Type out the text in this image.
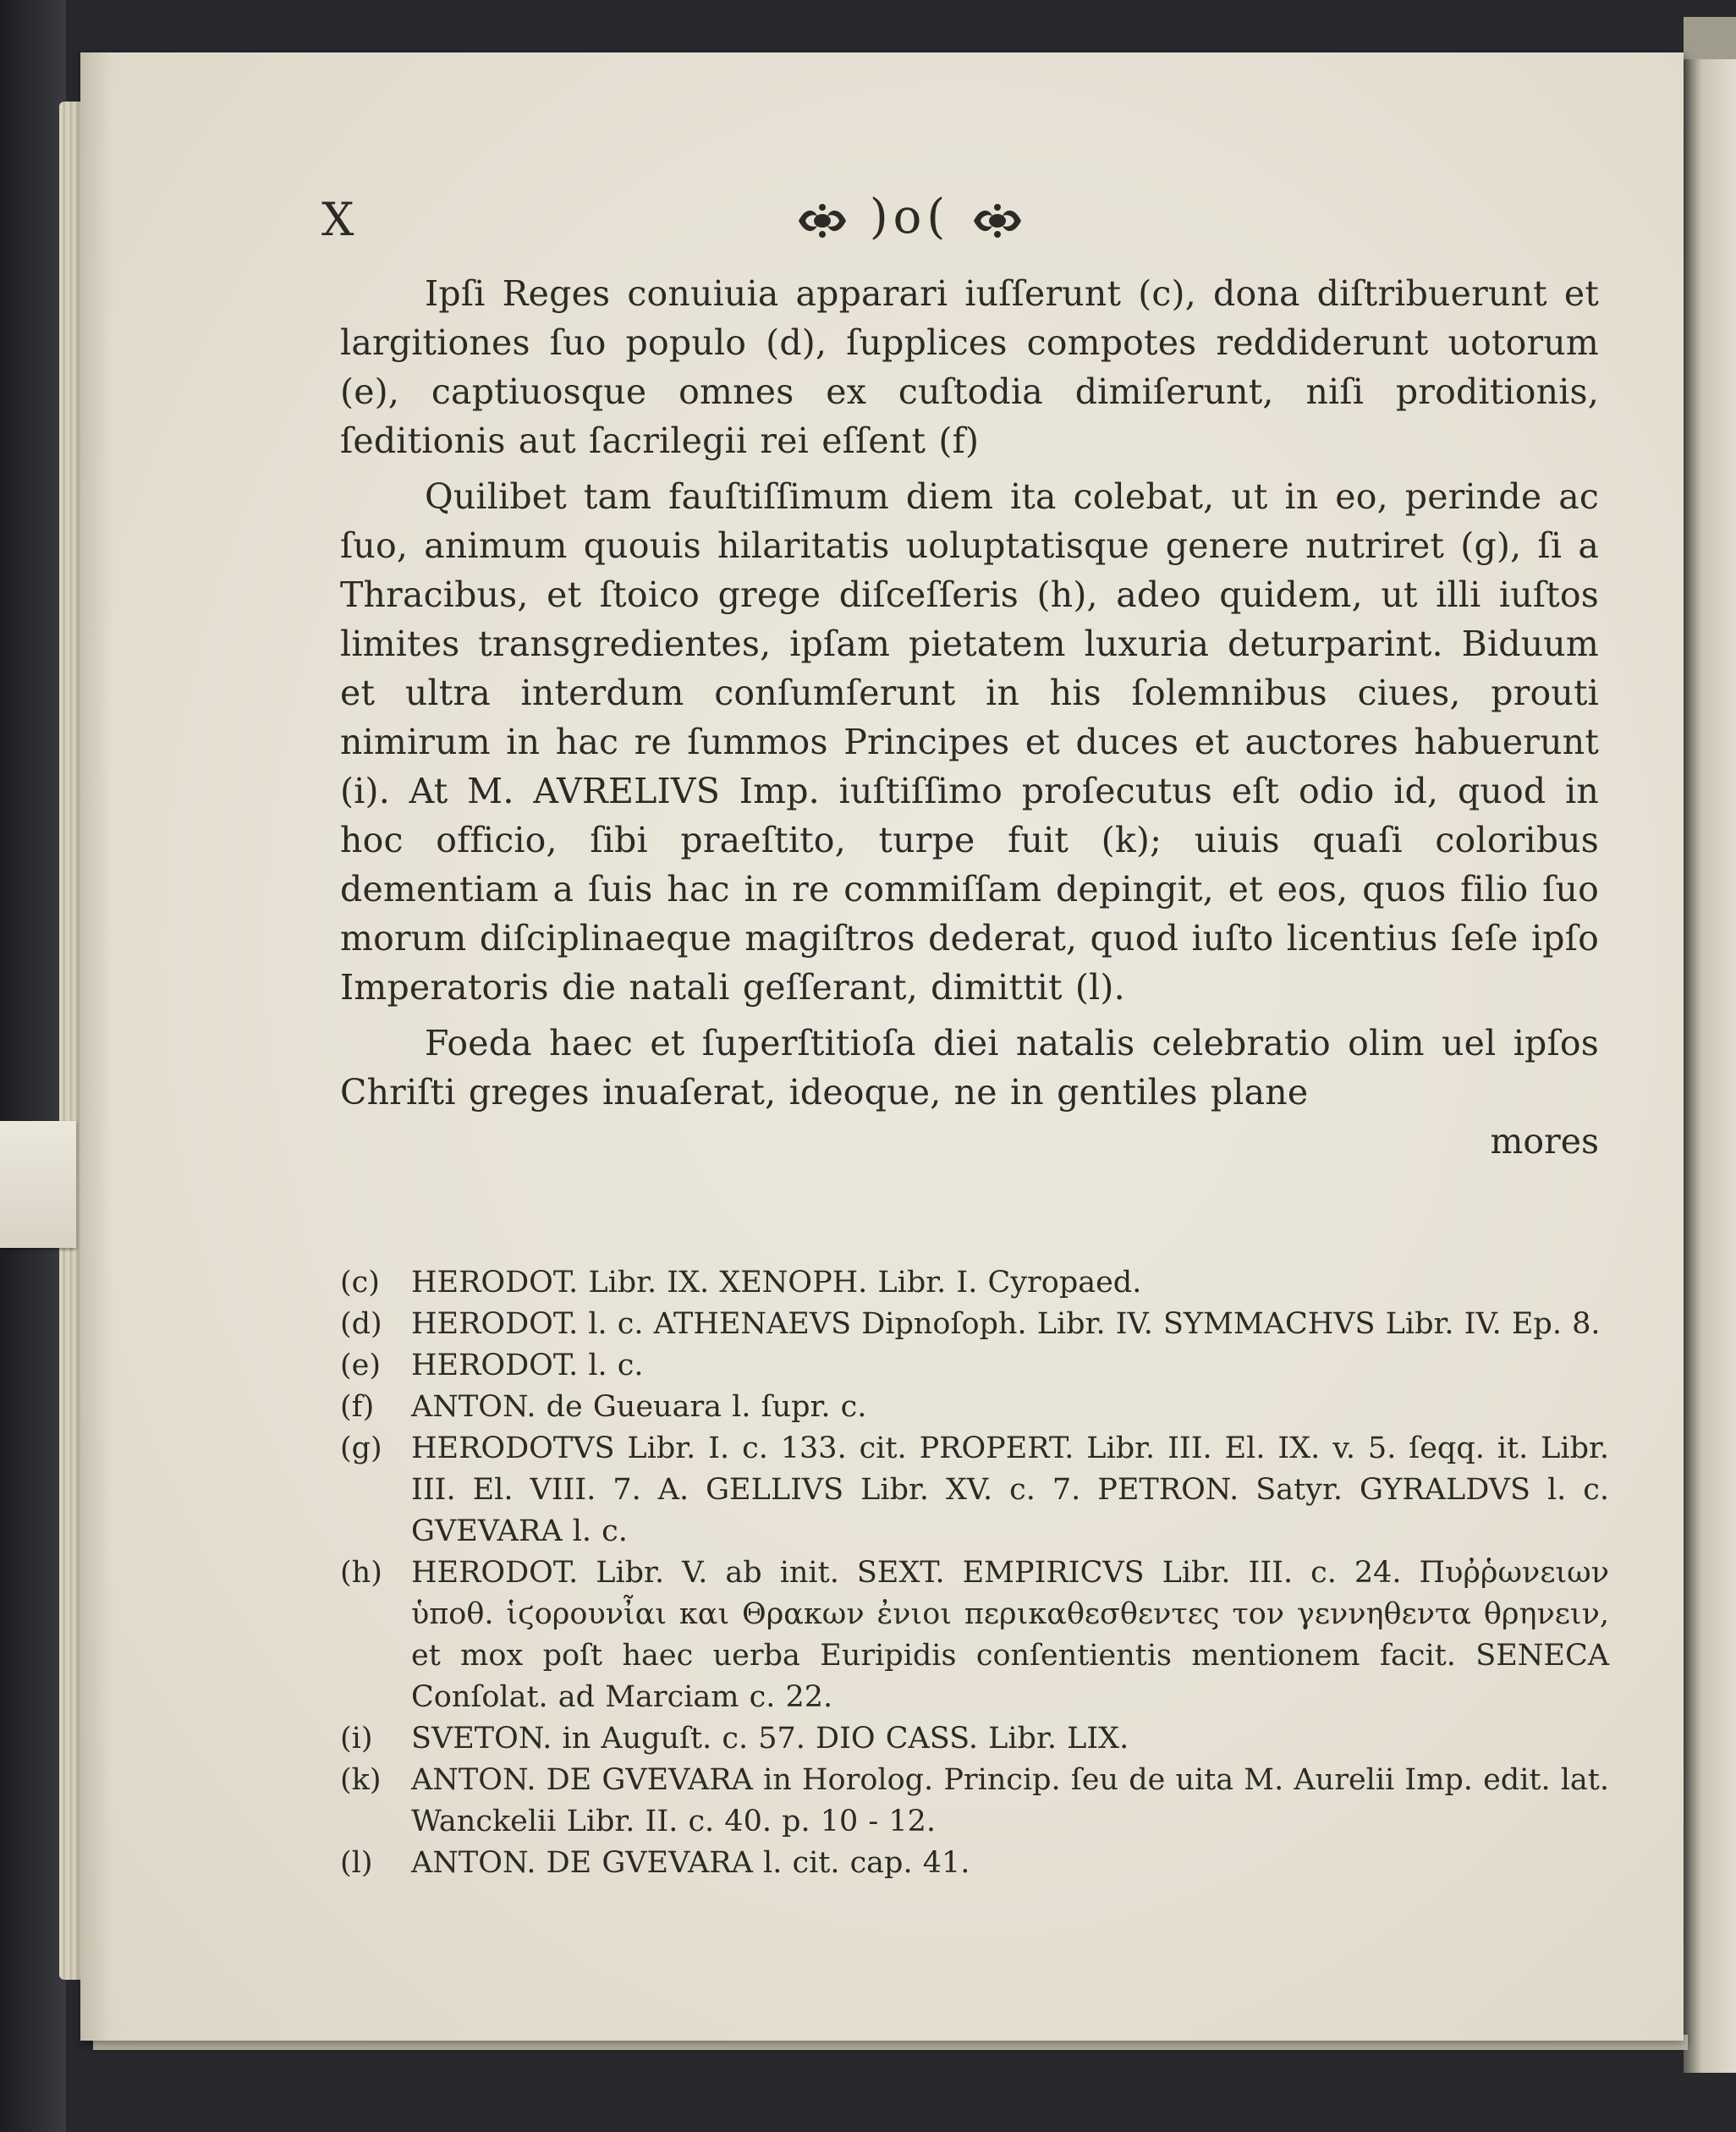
X	)o(

Ipſi Reges conuiuia apparari iuſſerunt (c), dona diſtribuerunt et largitiones ſuo populo (d), ſupplices compotes reddiderunt uotorum (e), captiuosque omnes ex cuſtodia dimiſerunt, niſi proditionis, ſeditionis aut ſacrilegii rei eſſent (f)

Quilibet tam fauſtiſſimum diem ita colebat, ut in eo, perinde ac ſuo, animum quouis hilaritatis uoluptatisque genere nutriret (g), ſi a Thracibus, et ſtoico grege diſceſſeris (h), adeo quidem, ut illi iuſtos limites transgredientes, ipſam pietatem luxuria deturparint. Biduum et ultra interdum conſumſerunt in his ſolemnibus ciues, prouti nimirum in hac re ſummos Principes et duces et auctores habuerunt (i). At M. AVRELIVS Imp. iuſtiſſimo proſecutus eſt odio id, quod in hoc officio, ſibi praeſtito, turpe fuit (k); uiuis quaſi coloribus dementiam a ſuis hac in re commiſſam depingit, et eos, quos filio ſuo morum diſciplinaeque magiſtros dederat, quod iuſto licentius ſeſe ipſo Imperatoris die natali geſſerant, dimittit (l).

Foeda haec et ſuperſtitioſa diei natalis celebratio olim uel ipſos Chriſti greges inuaſerat, ideoque, ne in gentiles plane

mores

(c)	HERODOT. Libr. IX. XENOPH. Libr. I. Cyropaed.
(d) HERODOT. l. c. ATHENAEVS Dipnoſoph. Libr. IV. SYMMACHVS Libr. IV. Ep. 8.
(e)	HERODOT. l. c.
(f)	ANTON. de Gueuara l. ſupr. c.
(g) HERODOTVS Libr. I. c. 133. cit. PROPERT. Libr. III. El. IX. v. 5. ſeqq. it. Libr. III. El. VIII. 7. A. GELLIVS Libr. XV. c. 7. PETRON. Satyr. GYRALDVS l. c. GVEVARA l. c.
(h) HERODOT. Libr. V. ab init. SEXT. EMPIRICVS Libr. III. c. 24. Πυῤῥωνειων ὑποθ. ἱϛορουνἶαι και Θρακων ἐνιοι περικαθεσθεντες τον γεννηθεντα θρηνειν, et mox poſt haec uerba Euripidis conſentientis mentionem facit. SENECA Conſolat. ad Marciam c. 22.
(i)	SVETON. in Auguſt. c. 57. DIO CASS. Libr. LIX.
(k)	ANTON. DE GVEVARA in Horolog. Princip. ſeu de uita M. Aurelii Imp. edit. lat. Wanckelii Libr. II. c. 40. p. 10 - 12.
(l)	ANTON. DE GVEVARA l. cit. cap. 41.
